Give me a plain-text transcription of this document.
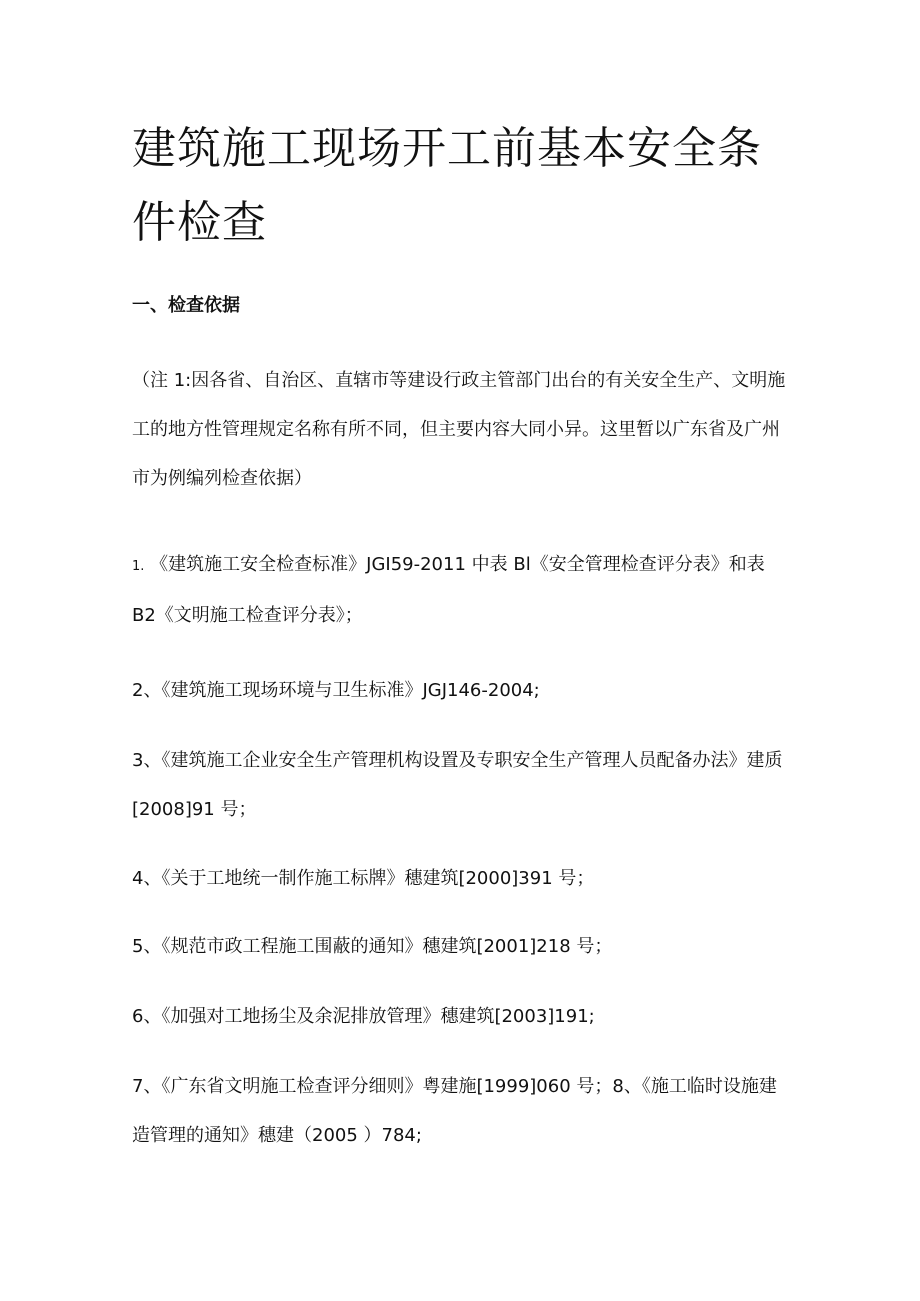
建筑施工现场开工前基本安全条件检查
一、检查依据

（注 1:因各省、自治区、直辖市等建设行政主管部门出台的有关安全生产、文明施工的地方性管理规定名称有所不同，但主要内容大同小异。这里暂以广东省及广州市为例编列检查依据）

1. 《建筑施工安全检查标准》JGI59-2011 中表 Bl《安全管理检查评分表》和表 B2《文明施工检查评分表》；

2、《建筑施工现场环境与卫生标准》JGJ146-2004;

3、《建筑施工企业安全生产管理机构设置及专职安全生产管理人员配备办法》建质[2008]91 号；

4、《关于工地统一制作施工标牌》穗建筑[2000]391 号；

5、《规范市政工程施工围蔽的通知》穗建筑[2001]218 号；

6、《加强对工地扬尘及余泥排放管理》穗建筑[2003]191;

7、《广东省文明施工检查评分细则》粤建施[1999]060 号；8、《施工临时设施建造管理的通知》穗建（2005 ）784;
